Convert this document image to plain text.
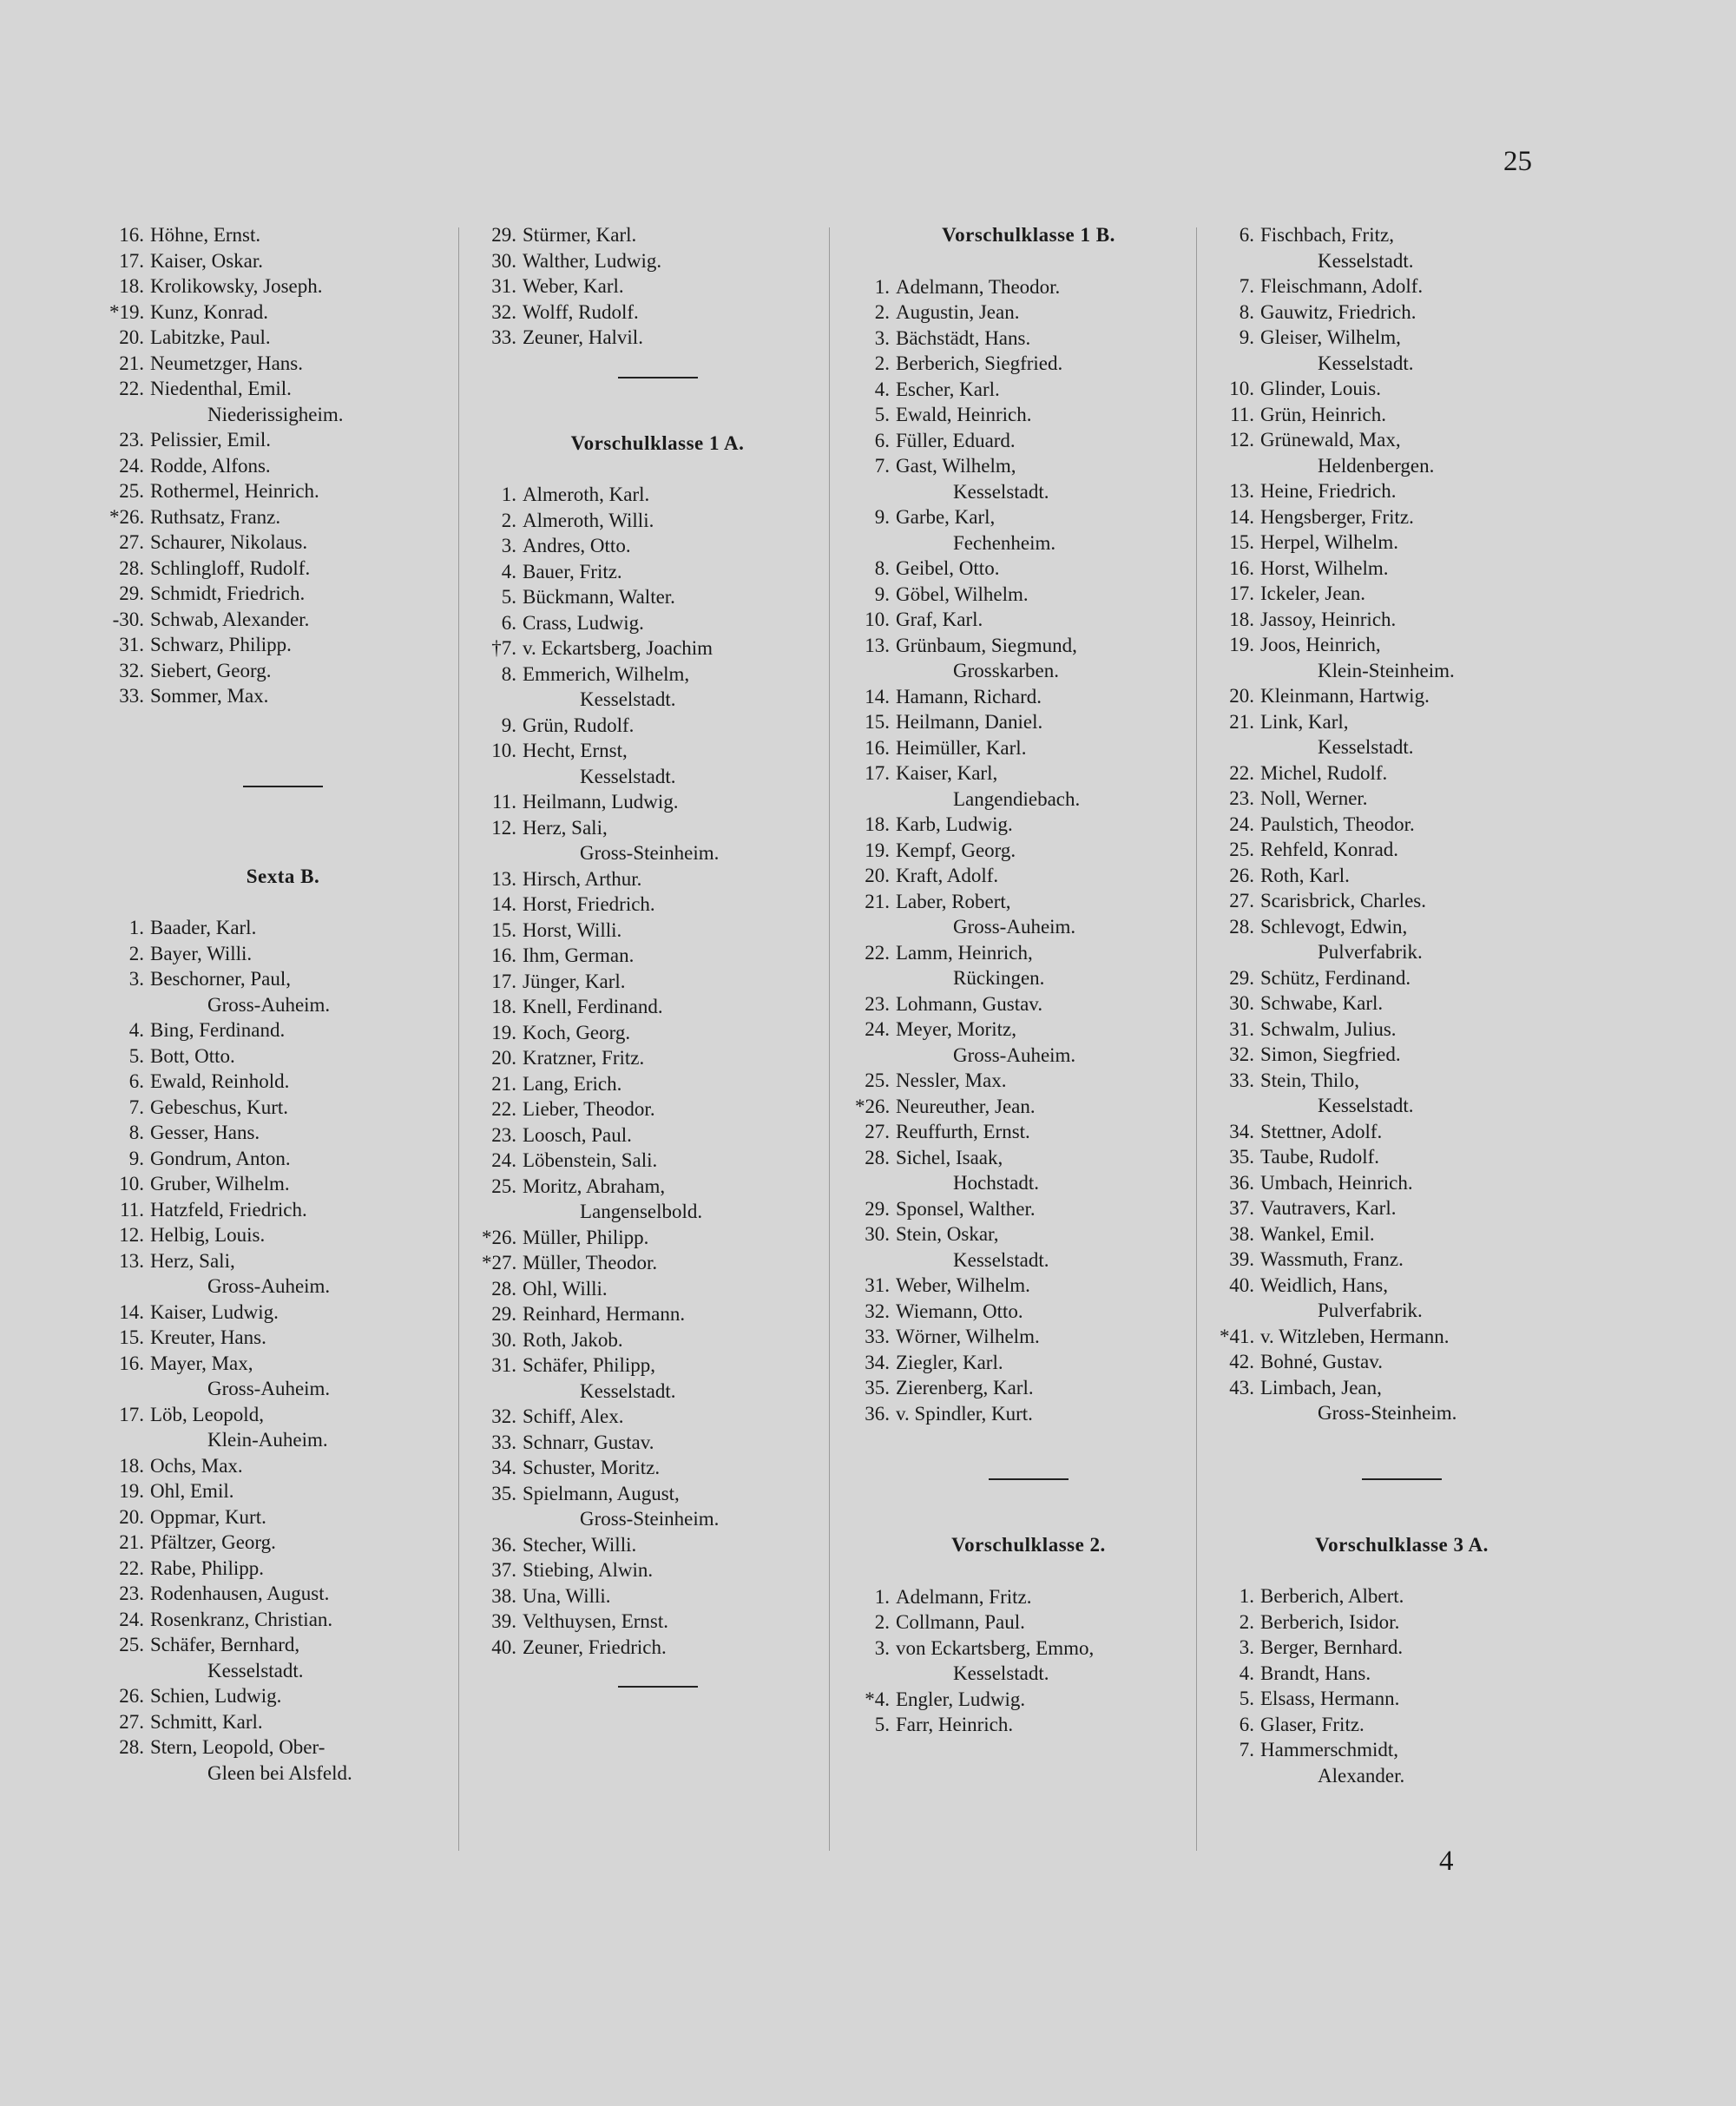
25
16. Höhne, Ernst.
17. Kaiser, Oskar.
18. Krolikowsky, Joseph.
*19. Kunz, Konrad.
20. Labitzke, Paul.
21. Neumetzger, Hans.
22. Niedenthal, Emil.
Niederissigheim.
23. Pelissier, Emil.
24. Rodde, Alfons.
25. Rothermel, Heinrich.
*26. Ruthsatz, Franz.
27. Schaurer, Nikolaus.
28. Schlingloff, Rudolf.
29. Schmidt, Friedrich.
-30. Schwab, Alexander.
31. Schwarz, Philipp.
32. Siebert, Georg.
33. Sommer, Max.
Sexta B.
1. Baader, Karl.
2. Bayer, Willi.
3. Beschorner, Paul,
Gross-Auheim.
4. Bing, Ferdinand.
5. Bott, Otto.
6. Ewald, Reinhold.
7. Gebeschus, Kurt.
8. Gesser, Hans.
9. Gondrum, Anton.
10. Gruber, Wilhelm.
11. Hatzfeld, Friedrich.
12. Helbig, Louis.
13. Herz, Sali,
Gross-Auheim.
14. Kaiser, Ludwig.
15. Kreuter, Hans.
16. Mayer, Max,
Gross-Auheim.
17. Löb, Leopold,
Klein-Auheim.
18. Ochs, Max.
19. Ohl, Emil.
20. Oppmar, Kurt.
21. Pfältzer, Georg.
22. Rabe, Philipp.
23. Rodenhausen, August.
24. Rosenkranz, Christian.
25. Schäfer, Bernhard,
Kesselstadt.
26. Schien, Ludwig.
27. Schmitt, Karl.
28. Stern, Leopold, Ober-
Gleen bei Alsfeld.
29. Stürmer, Karl.
30. Walther, Ludwig.
31. Weber, Karl.
32. Wolff, Rudolf.
33. Zeuner, Halvil.
Vorschulklasse 1 A.
1. Almeroth, Karl.
2. Almeroth, Willi.
3. Andres, Otto.
4. Bauer, Fritz.
5. Bückmann, Walter.
6. Crass, Ludwig.
†7. v. Eckartsberg, Joachim
8. Emmerich, Wilhelm,
Kesselstadt.
9. Grün, Rudolf.
10. Hecht, Ernst,
Kesselstadt.
11. Heilmann, Ludwig.
12. Herz, Sali,
Gross-Steinheim.
13. Hirsch, Arthur.
14. Horst, Friedrich.
15. Horst, Willi.
16. Ihm, German.
17. Jünger, Karl.
18. Knell, Ferdinand.
19. Koch, Georg.
20. Kratzner, Fritz.
21. Lang, Erich.
22. Lieber, Theodor.
23. Loosch, Paul.
24. Löbenstein, Sali.
25. Moritz, Abraham,
Langenselbold.
*26. Müller, Philipp.
*27. Müller, Theodor.
28. Ohl, Willi.
29. Reinhard, Hermann.
30. Roth, Jakob.
31. Schäfer, Philipp,
Kesselstadt.
32. Schiff, Alex.
33. Schnarr, Gustav.
34. Schuster, Moritz.
35. Spielmann, August,
Gross-Steinheim.
36. Stecher, Willi.
37. Stiebing, Alwin.
38. Una, Willi.
39. Velthuysen, Ernst.
40. Zeuner, Friedrich.
Vorschulklasse 1 B.
1. Adelmann, Theodor.
2. Augustin, Jean.
3. Bächstädt, Hans.
2. Berberich, Siegfried.
4. Escher, Karl.
5. Ewald, Heinrich.
6. Füller, Eduard.
7. Gast, Wilhelm,
Kesselstadt.
9. Garbe, Karl,
Fechenheim.
8. Geibel, Otto.
9. Göbel, Wilhelm.
10. Graf, Karl.
13. Grünbaum, Siegmund,
Grosskarben.
14. Hamann, Richard.
15. Heilmann, Daniel.
16. Heimüller, Karl.
17. Kaiser, Karl,
Langendiebach.
18. Karb, Ludwig.
19. Kempf, Georg.
20. Kraft, Adolf.
21. Laber, Robert,
Gross-Auheim.
22. Lamm, Heinrich,
Rückingen.
23. Lohmann, Gustav.
24. Meyer, Moritz,
Gross-Auheim.
25. Nessler, Max.
*26. Neureuther, Jean.
27. Reuffurth, Ernst.
28. Sichel, Isaak,
Hochstadt.
29. Sponsel, Walther.
30. Stein, Oskar,
Kesselstadt.
31. Weber, Wilhelm.
32. Wiemann, Otto.
33. Wörner, Wilhelm.
34. Ziegler, Karl.
35. Zierenberg, Karl.
36. v. Spindler, Kurt.
Vorschulklasse 2.
1. Adelmann, Fritz.
2. Collmann, Paul.
3. von Eckartsberg, Emmo,
Kesselstadt.
*4. Engler, Ludwig.
5. Farr, Heinrich.
6. Fischbach, Fritz,
Kesselstadt.
7. Fleischmann, Adolf.
8. Gauwitz, Friedrich.
9. Gleiser, Wilhelm,
Kesselstadt.
10. Glinder, Louis.
11. Grün, Heinrich.
12. Grünewald, Max,
Heldenbergen.
13. Heine, Friedrich.
14. Hengsberger, Fritz.
15. Herpel, Wilhelm.
16. Horst, Wilhelm.
17. Ickeler, Jean.
18. Jassoy, Heinrich.
19. Joos, Heinrich,
Klein-Steinheim.
20. Kleinmann, Hartwig.
21. Link, Karl,
Kesselstadt.
22. Michel, Rudolf.
23. Noll, Werner.
24. Paulstich, Theodor.
25. Rehfeld, Konrad.
26. Roth, Karl.
27. Scarisbrick, Charles.
28. Schlevogt, Edwin,
Pulverfabrik.
29. Schütz, Ferdinand.
30. Schwabe, Karl.
31. Schwalm, Julius.
32. Simon, Siegfried.
33. Stein, Thilo,
Kesselstadt.
34. Stettner, Adolf.
35. Taube, Rudolf.
36. Umbach, Heinrich.
37. Vautravers, Karl.
38. Wankel, Emil.
39. Wassmuth, Franz.
40. Weidlich, Hans,
Pulverfabrik.
*41. v. Witzleben, Hermann.
42. Bohné, Gustav.
43. Limbach, Jean,
Gross-Steinheim.
Vorschulklasse 3 A.
1. Berberich, Albert.
2. Berberich, Isidor.
3. Berger, Bernhard.
4. Brandt, Hans.
5. Elsass, Hermann.
6. Glaser, Fritz.
7. Hammerschmidt,
Alexander.
4
